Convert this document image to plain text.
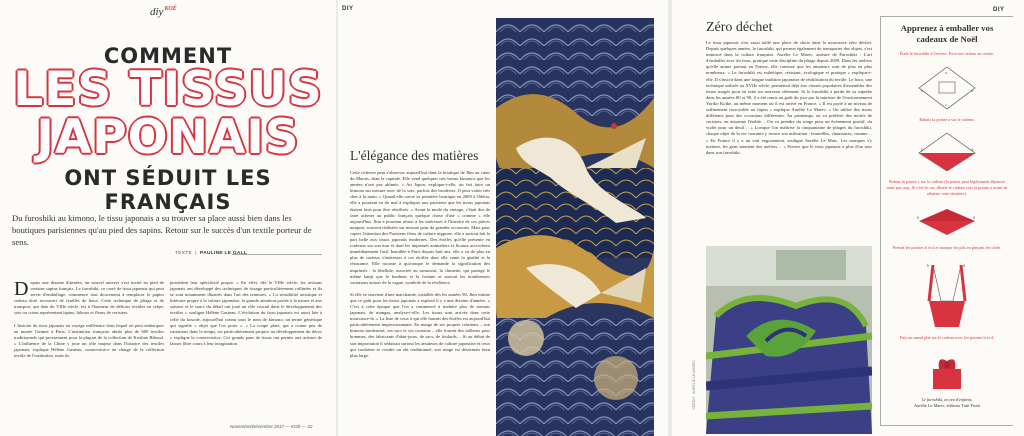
diy$^{KOÉ}$
COMMENT
LES TISSUS
JAPONAIS
ONT SÉDUIT LES FRANÇAIS
Du furoshiki au kimono, le tissu japonais a su trouver sa place aussi bien dans les boutiques parisiennes qu'au pied des sapins. Retour sur le succès d'un textile porteur de sens.
TEXTE  |  PAULINE LE GALL

Depuis une dizaine d'années, un nouvel univers s'est invité au pied de certains sapins français. Le furoshiki, ce carré de tissu japonais qui peut servir d'emballage, commence tout doucement à remplacer le papier cadeau doré recouvert de feuilles de houx. Cette technique de pliage et de transport, qui date du VIIIe siècle, est à l'honneur de délicats textiles en crêpe, soie ou coton représentant lapins, hiboux et fleurs de cerisiers.

L'histoire du tissu japonais en voyage millénaire dans lequel on peut embarquer au musée Guimet à Paris. L'institution française abrite plus de 600 textiles traditionnels qui proviennent pour la plupart de la collection de Krishnà Riboud. « L'influence de la Chine y joue un rôle majeur dans l'histoire des textiles japonais, explique Hélène Gasteau, conservatrice en charge de la collection textile de l'institution, mais ils

possèdent leur spécificité propre. » En effet, dès le VIIIe siècle, les artisans japonais ont développé des techniques de tissage particulièrement raffinées et ils se sont notamment illustrés dans l'art des teintures. « La sensibilité artistique et littéraire propre à la culture japonaise, la grande attention portée à la nature et aux saisons et le souci du détail ont joué un rôle crucial dans le développement des textiles » souligne Hélène Gasteau. L'évolution du tissu japonais est aussi liée à celle du kosode, aujourd'hui connu sous le nom de kimono, un terme générique qui signifie « objet que l'on porte ». « La coupe plate, qui a connu peu de variations dans le temps, est particulièrement propice au développement du décor » explique la conservatrice. Ces grands pans de tissus ont permis aux artistes de laisser libre cours à leur imagination.

Novembre/Décembre 2017 — KOÉ — 22
DIY
L'élégance des matières

Cette richesse peut s'observer aujourd'hui dans la boutique de Jhin au cœur du Marais, dans la capitale. Elle vend quelques très beaux kimonos que les années n'ont pas abîmés. « Au Japon, explique-t-elle, on fait faire un kimono sur mesure avec de la soie, parfois des broderies. Il peut valoir très cher à la main. » Quand elle ouvre sa première boutique en 2009 à Odéon, elle a pourtant eu du mal à expliquer aux parisiens que les tissus japonais étaient faits pour être réutilisés. « Avant la mode du vintage, c'était dur de faire acheter au public français quelque chose d'usé « comme » elle aujourd'hui. Jhin a pourtant réussi à les intéresser à l'histoire de ces pièces uniques, souvent réalisées sur mesure pour de grandes occasions. Mais pour capter l'attention des Parisiens férus de culture nippone, elle a surtout fait la part belle aux tissus japonais modernes. Des étoffes qu'elle présente en rouleaux sur son mur et dont les imprimés animaliers et floraux accrochent immédiatement l'œil. Installée à Paris depuis huit ans, elle a vu de plus en plus de curieux s'intéresser à ces étoffes dont elle vante la qualité et la résistance. Elle raconte à quiconque le demande la signification des imprimés : la libellule, associée au samouraï, la chouette, qui partage le même kanji que le bonheur et la fortune et surtout les nombreuses variations autour de la vague, symbole de la résilience.

Si elle se souvient d'une marchande, installée dès les années 90, Jhin estime que ce goût pour les tissus japonais a explosé il y a une dizaine d'années. « C'est à cette époque que l'on a commencé à traduire plus de romans japonais, de mangas, analyse-t-elle. Les tissus sont arrivés dans cette mouvance-là. » La liste de ceux à qui elle fournit des étoffes est aujourd'hui particulièrement impressionnante. En marge de ses propres créations – son kimono modernisé, ses sacs et ses coussins – elle fournit des tailleurs pour hommes, des fabricants d'abat-jours, de sacs, de foulards… Si au début de son importation il séduisait surtout les amateurs de culture japonaise et ceux qui voulaient se coudre un obi traditionnel, son usage est désormais bien plus large.

Zéro déchet

Le tissu japonais s'est aussi taillé une place de choix dans la mouvance zéro déchet. Depuis quelques années, le furoshiki, qui permet également de transporter des objets, s'est immiscé dans la culture française. Aurélie Le Marec, auteure de Furoshiki : L'art d'emballer avec du tissu, pratique cette discipline du pliage depuis 2009. Dans les ateliers qu'elle anime partout en France, elle constate que les amateurs sont de plus en plus nombreux. « Le furoshiki est esthétique, résistant, écologique et pratique » explique-t-elle. Il s'inscrit dans une longue tradition japonaise de réutilisation du textile. Le boro, une technique utilisée au XVIIe siècle, permettait déjà aux classes populaires d'assembler des tissus usagés pour en faire un nouveau vêtement. Si le furoshiki a perdu de sa superbe dans les années 80 et 90, il a été remis au goût du jour par la ministre de l'environnement Yuriko Koike, au même moment où il est arrivé en France. « Il est porté à un niveau de raffinement incroyable au Japon » explique Aurélie Le Marec. « On utilise des tissus différents pour des occasions différentes. Au printemps, on va préférer des motifs de cerisiers, en automne l'érable… On va prendre du rouge pour un événement positif, du violet pour un deuil… » Lorsque l'on maîtrise la cinquantaine de pliages du furoshiki, chaque objet de la vie courante y trouve son utilisation : bouteilles, chaussures, comme… « En France il y a un vrai engouement, souligne Aurélie Le Marc. Les marques s'y mettent, les gens montent des ateliers… » Preuve que le tissu japonais a plus d'un tour dans son furoshiki.

CRÉDIT : AURÉLIE LE MAREC
DIY
Apprenez à emballer vos cadeaux de Noël
Étale le furoshiki à l'envers. Pose ton cadeau au centre.
a
b
c
d
Rabats la pointe a sur le cadeau.
b	d
Rabats la pointe c sur le cadeau (la pointe peut légèrement dépasser mais pas trop. Si c'est le cas, décale le cadeau vers la pointe a avant de rabattre cette dernière).
b	d
Prends les pointes b et d et marque les plis en pinçant les côtés.
b	d
Fais un nœud plat sur le cadeau avec les pointes b et d.
Le furoshiki, un jeu d'enfants,
Aurélie Le Marec, éditions Tutti Frutti
